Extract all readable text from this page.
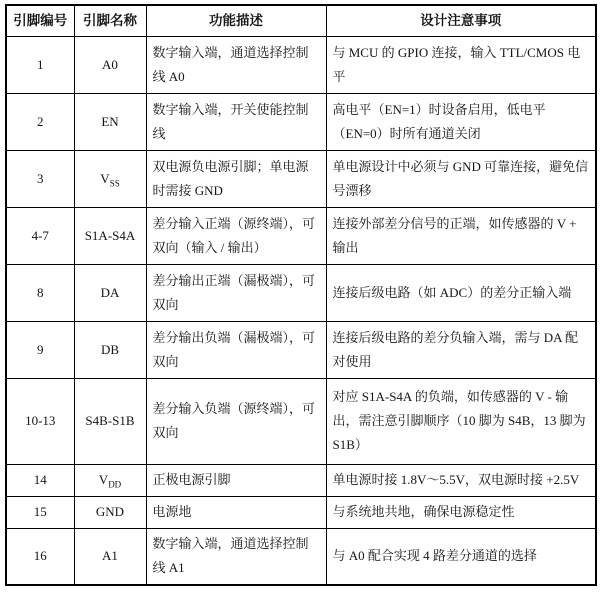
引脚编号	引脚名称	功能描述	设计注意事项
1	A0	数字输入端，通道选择控制线 A0	与 MCU 的 GPIO 连接，输入 TTL/CMOS 电平
2	EN	数字输入端，开关使能控制线	高电平（EN=1）时设备启用，低电平（EN=0）时所有通道关闭
3	$V_{SS}$	双电源负电源引脚；单电源时需接 GND	单电源设计中必须与 GND 可靠连接，避免信号漂移
4-7	S1A-S4A	差分输入正端（源终端），可双向（输入 / 输出）	连接外部差分信号的正端，如传感器的 V + 输出
8	DA	差分输出正端（漏极端），可双向	连接后级电路（如 ADC）的差分正输入端
9	DB	差分输出负端（漏极端），可双向	连接后级电路的差分负输入端，需与 DA 配对使用
10-13	S4B-S1B	差分输入负端（源终端），可双向	对应 S1A-S4A 的负端，如传感器的 V - 输出，需注意引脚顺序（10 脚为 S4B，13 脚为 S1B）
14	$V_{DD}$	正极电源引脚	单电源时接 1.8V～5.5V，双电源时接 +2.5V
15	GND	电源地	与系统地共地，确保电源稳定性
16	A1	数字输入端，通道选择控制线 A1	与 A0 配合实现 4 路差分通道的选择
